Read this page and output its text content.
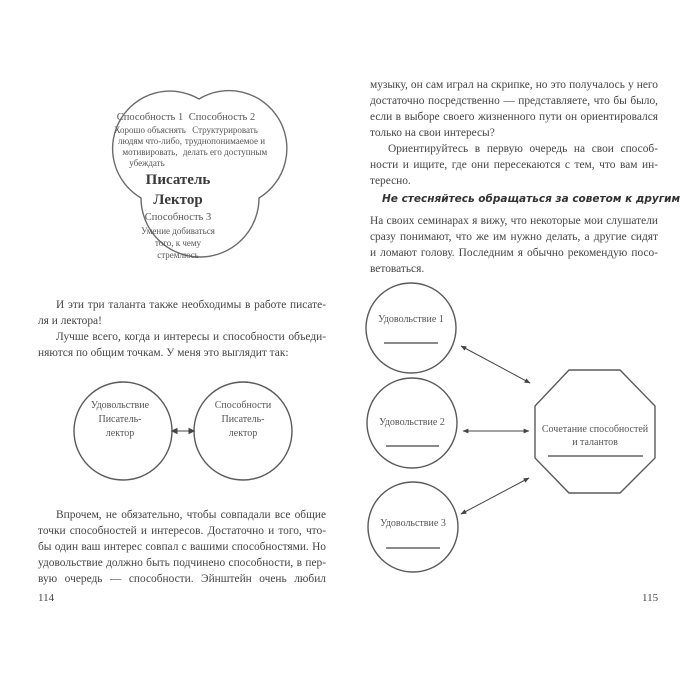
Способность 1
Хорошо объяснять
людям что-либо,
мотивировать,
убеждать
Способность 2
Структурировать
труднопонимаемое и
делать его доступным
Писатель
Лектор
Способность 3
Умение добиваться
того, к чему
стремлюсь
Удовольствие
Писатель-
лектор
Способности
Писатель-
лектор
И эти три таланта также необходимы в работе писате-
ля и лектора!
Лучше всего, когда и интересы и способности объеди-
няются по общим точкам. У меня это выглядит так:
Впрочем, не обязательно, чтобы совпадали все общие
точки способностей и интересов. Достаточно и того, что-
бы один ваш интерес совпал с вашими способностями. Но
удовольствие должно быть подчинено способности, в пер-
вую очередь — способности. Эйнштейн очень любил
114
музыку, он сам играл на скрипке, но это получалось у него
достаточно посредственно — представляете, что бы было,
если в выборе своего жизненного пути он ориентировался
только на свои интересы?
Ориентируйтесь в первую очередь на свои способ-
ности и ищите, где они пересекаются с тем, что вам ин-
тересно.
Не стесняйтесь обращаться за советом к другим
На своих семинарах я вижу, что некоторые мои слушатели
сразу понимают, что же им нужно делать, а другие сидят
и ломают голову. Последним я обычно рекомендую посо-
ветоваться.
Удовольствие 1
Удовольствие 2
Удовольствие 3
Сочетание способностей
и талантов
115
